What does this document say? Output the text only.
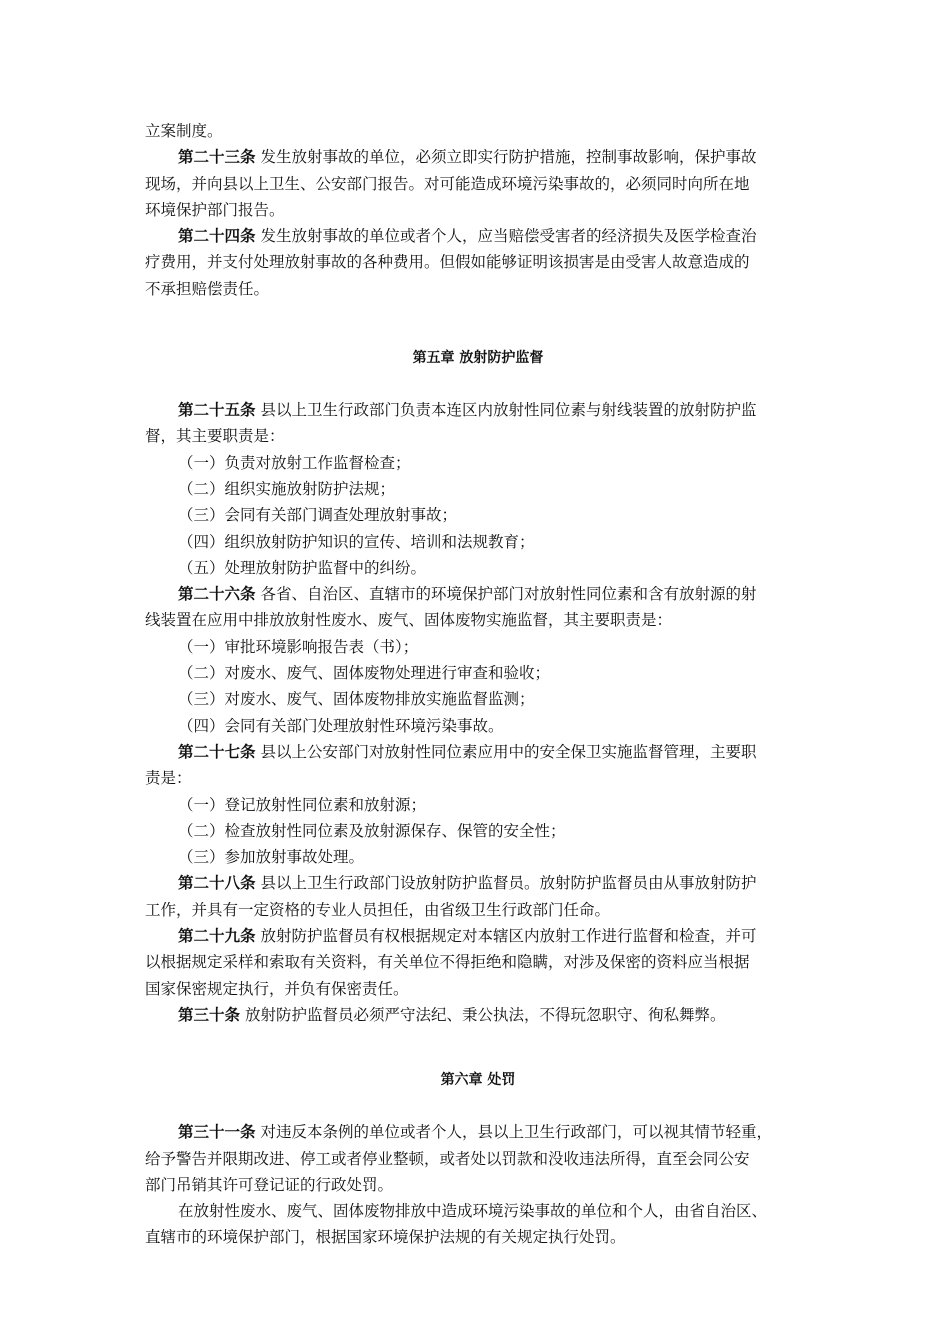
立案制度。

第二十三条 发生放射事故的单位，必须立即实行防护措施，控制事故影响，保护事故

现场，并向县以上卫生、公安部门报告。对可能造成环境污染事故的，必须同时向所在地

环境保护部门报告。

第二十四条 发生放射事故的单位或者个人，应当赔偿受害者的经济损失及医学检查治

疗费用，并支付处理放射事故的各种费用。但假如能够证明该损害是由受害人故意造成的

不承担赔偿责任。

第五章 放射防护监督

第二十五条 县以上卫生行政部门负责本连区内放射性同位素与射线装置的放射防护监

督，其主要职责是：

（一）负责对放射工作监督检查；

（二）组织实施放射防护法规；

（三）会同有关部门调查处理放射事故；

（四）组织放射防护知识的宣传、培训和法规教育；

（五）处理放射防护监督中的纠纷。

第二十六条 各省、自治区、直辖市的环境保护部门对放射性同位素和含有放射源的射

线装置在应用中排放放射性废水、废气、固体废物实施监督，其主要职责是：

（一）审批环境影响报告表（书）；

（二）对废水、废气、固体废物处理进行审查和验收；

（三）对废水、废气、固体废物排放实施监督监测；

（四）会同有关部门处理放射性环境污染事故。

第二十七条 县以上公安部门对放射性同位素应用中的安全保卫实施监督管理，主要职

责是：

（一）登记放射性同位素和放射源；

（二）检查放射性同位素及放射源保存、保管的安全性；

（三）参加放射事故处理。

第二十八条 县以上卫生行政部门设放射防护监督员。放射防护监督员由从事放射防护

工作，并具有一定资格的专业人员担任，由省级卫生行政部门任命。

第二十九条 放射防护监督员有权根据规定对本辖区内放射工作进行监督和检查，并可

以根据规定采样和索取有关资料，有关单位不得拒绝和隐瞒，对涉及保密的资料应当根据

国家保密规定执行，并负有保密责任。

第三十条 放射防护监督员必须严守法纪、秉公执法，不得玩忽职守、徇私舞弊。

第六章 处罚

第三十一条 对违反本条例的单位或者个人，县以上卫生行政部门，可以视其情节轻重，

给予警告并限期改进、停工或者停业整顿，或者处以罚款和没收违法所得，直至会同公安

部门吊销其许可登记证的行政处罚。

在放射性废水、废气、固体废物排放中造成环境污染事故的单位和个人，由省自治区、

直辖市的环境保护部门，根据国家环境保护法规的有关规定执行处罚。
